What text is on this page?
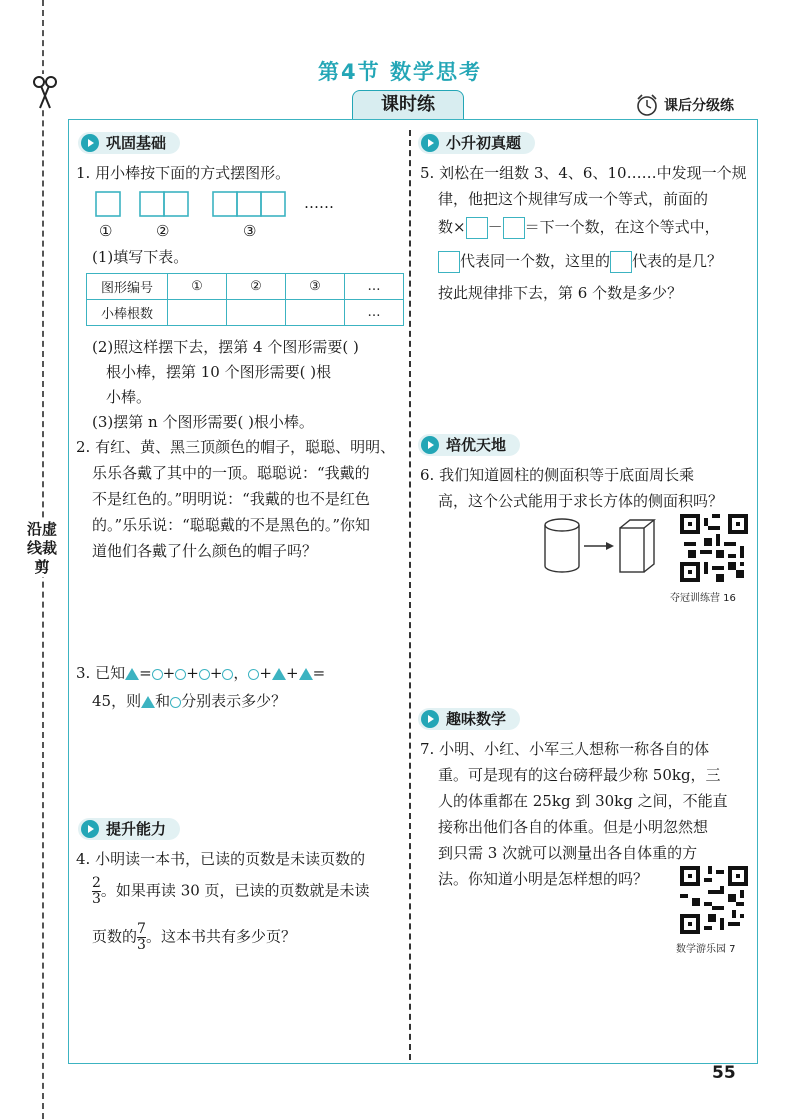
沿虚线裁剪
第4节 数学思考
课时练	课后分级练
巩固基础
1. 用小棒按下面的方式摆图形。
……
①	②	③
(1)填写下表。
图形编号	①	②	③	…
小棒根数				…
(2)照这样摆下去，摆第 4 个图形需要( )
根小棒，摆第 10 个图形需要( )根
小棒。
(3)摆第 n 个图形需要( )根小棒。
2. 有红、黄、黑三顶颜色的帽子，聪聪、明明、
乐乐各戴了其中的一顶。聪聪说：“我戴的
不是红色的。”明明说：“我戴的也不是红色
的。”乐乐说：“聪聪戴的不是黑色的。”你知
道他们各戴了什么颜色的帽子吗？
3. 已知 = + + + ， + + =
45，则 和 分别表示多少？
提升能力
4. 小明读一本书，已读的页数是未读页数的
$\frac{2}{3}$ 。如果再读 30 页，已读的页数就是未读
页数的 $\frac{7}{3}$ 。这本书共有多少页？
小升初真题
5. 刘松在一组数 3、4、6、10……中发现一个规
律，他把这个规律写成一个等式，前面的
数× － ＝下一个数，在这个等式中，
代表同一个数，这里的 代表的是几？
按此规律排下去，第 6 个数是多少？
培优天地
6. 我们知道圆柱的侧面积等于底面周长乘
高，这个公式能用于求长方体的侧面积吗？
夺冠训练营 16
趣味数学
7. 小明、小红、小军三人想称一称各自的体
重。可是现有的这台磅秤最少称 50kg，三
人的体重都在 25kg 到 30kg 之间，不能直
接称出他们各自的体重。但是小明忽然想
到只需 3 次就可以测量出各自体重的方
法。你知道小明是怎样想的吗？
数学游乐园 7
55
